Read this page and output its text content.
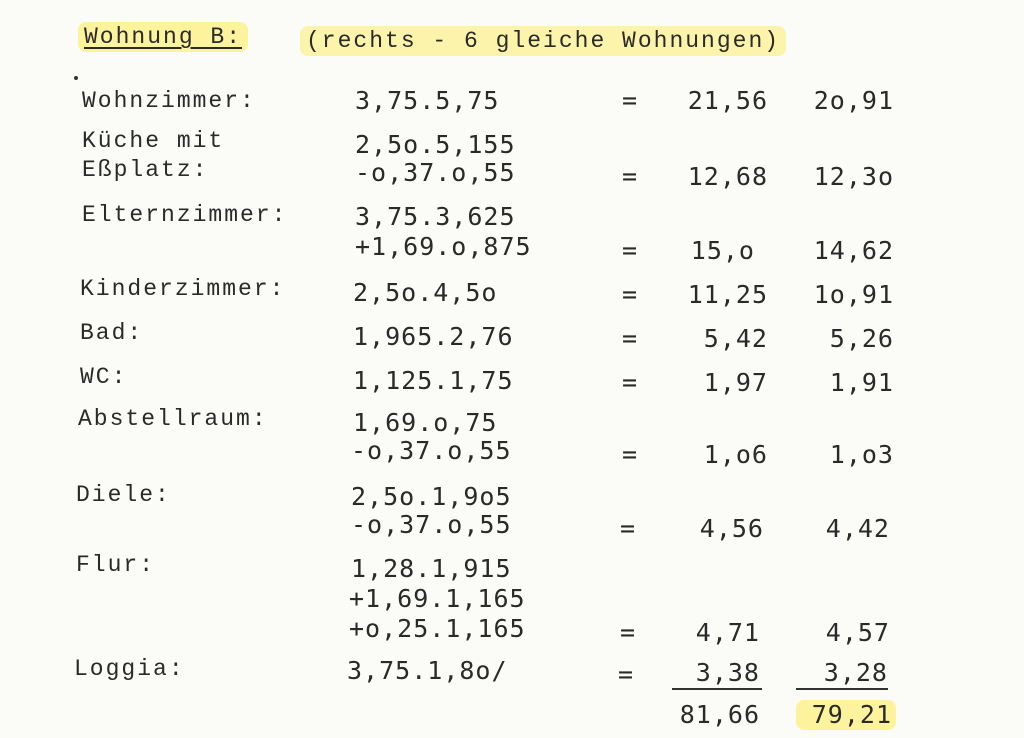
Wohnung B:	(rechts - 6 gleiche Wohnungen)
Wohnzimmer:	3,75.5,75	=	21,56	2o,91
Küche mit
Eßplatz:
2,5o.5,155
-o,37.o,55	=	12,68	12,3o
Elternzimmer:	3,75.3,625
+1,69.o,875	=	15,o	14,62
Kinderzimmer:	2,5o.4,5o	=	11,25	1o,91
Bad:	1,965.2,76	=	5,42	5,26
WC:	1,125.1,75	=	1,97	1,91
Abstellraum:	1,69.o,75
-o,37.o,55	=	1,o6	1,o3
Diele:	2,5o.1,9o5
-o,37.o,55	=	4,56	4,42
Flur:	1,28.1,915
+1,69.1,165
+o,25.1,165	=	4,71	4,57
Loggia:	3,75.1,8o/	=	3,38	3,28
81,66	79,21
